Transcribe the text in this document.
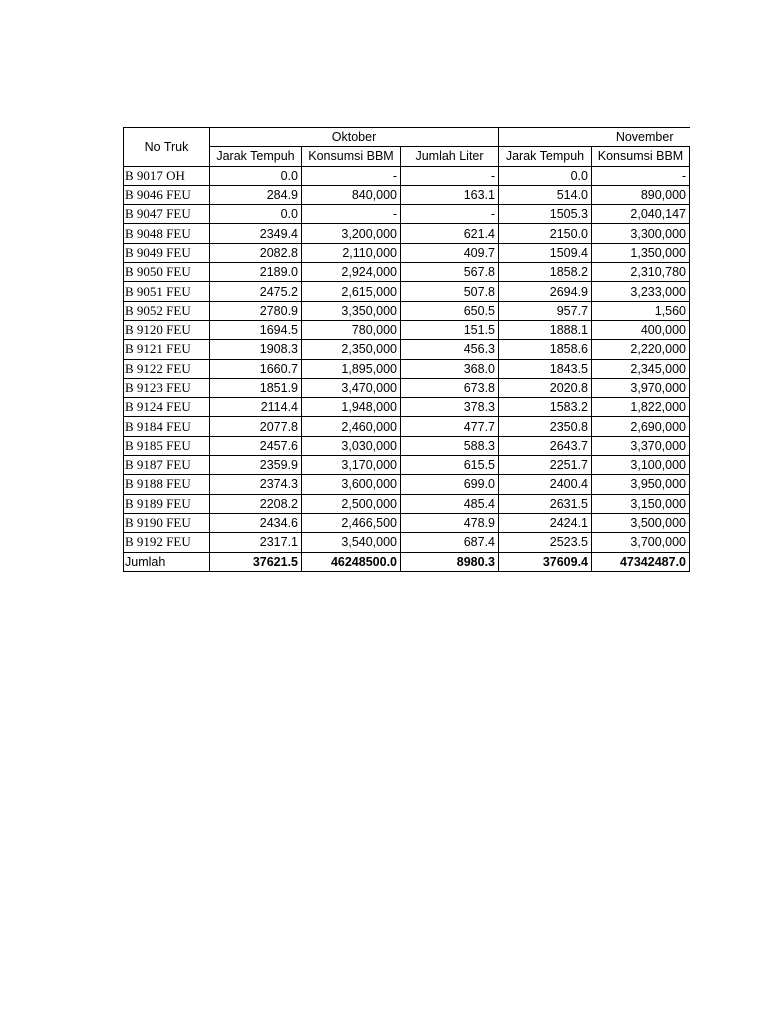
No Truk	Oktober			November	
	Jarak Tempuh	Konsumsi BBM	Jumlah Liter	Jarak Tempuh	Konsumsi BBM
B 9017 OH	0.0	-	-	0.0	-
B 9046 FEU	284.9	840,000	163.1	514.0	890,000
B 9047 FEU	0.0	-	-	1505.3	2,040,147
B 9048 FEU	2349.4	3,200,000	621.4	2150.0	3,300,000
B 9049 FEU	2082.8	2,110,000	409.7	1509.4	1,350,000
B 9050 FEU	2189.0	2,924,000	567.8	1858.2	2,310,780
B 9051 FEU	2475.2	2,615,000	507.8	2694.9	3,233,000
B 9052 FEU	2780.9	3,350,000	650.5	957.7	1,560
B 9120 FEU	1694.5	780,000	151.5	1888.1	400,000
B 9121 FEU	1908.3	2,350,000	456.3	1858.6	2,220,000
B 9122 FEU	1660.7	1,895,000	368.0	1843.5	2,345,000
B 9123 FEU	1851.9	3,470,000	673.8	2020.8	3,970,000
B 9124 FEU	2114.4	1,948,000	378.3	1583.2	1,822,000
B 9184 FEU	2077.8	2,460,000	477.7	2350.8	2,690,000
B 9185 FEU	2457.6	3,030,000	588.3	2643.7	3,370,000
B 9187 FEU	2359.9	3,170,000	615.5	2251.7	3,100,000
B 9188 FEU	2374.3	3,600,000	699.0	2400.4	3,950,000
B 9189 FEU	2208.2	2,500,000	485.4	2631.5	3,150,000
B 9190 FEU	2434.6	2,466,500	478.9	2424.1	3,500,000
B 9192 FEU	2317.1	3,540,000	687.4	2523.5	3,700,000
Jumlah	37621.5	46248500.0	8980.3	37609.4	47342487.0
